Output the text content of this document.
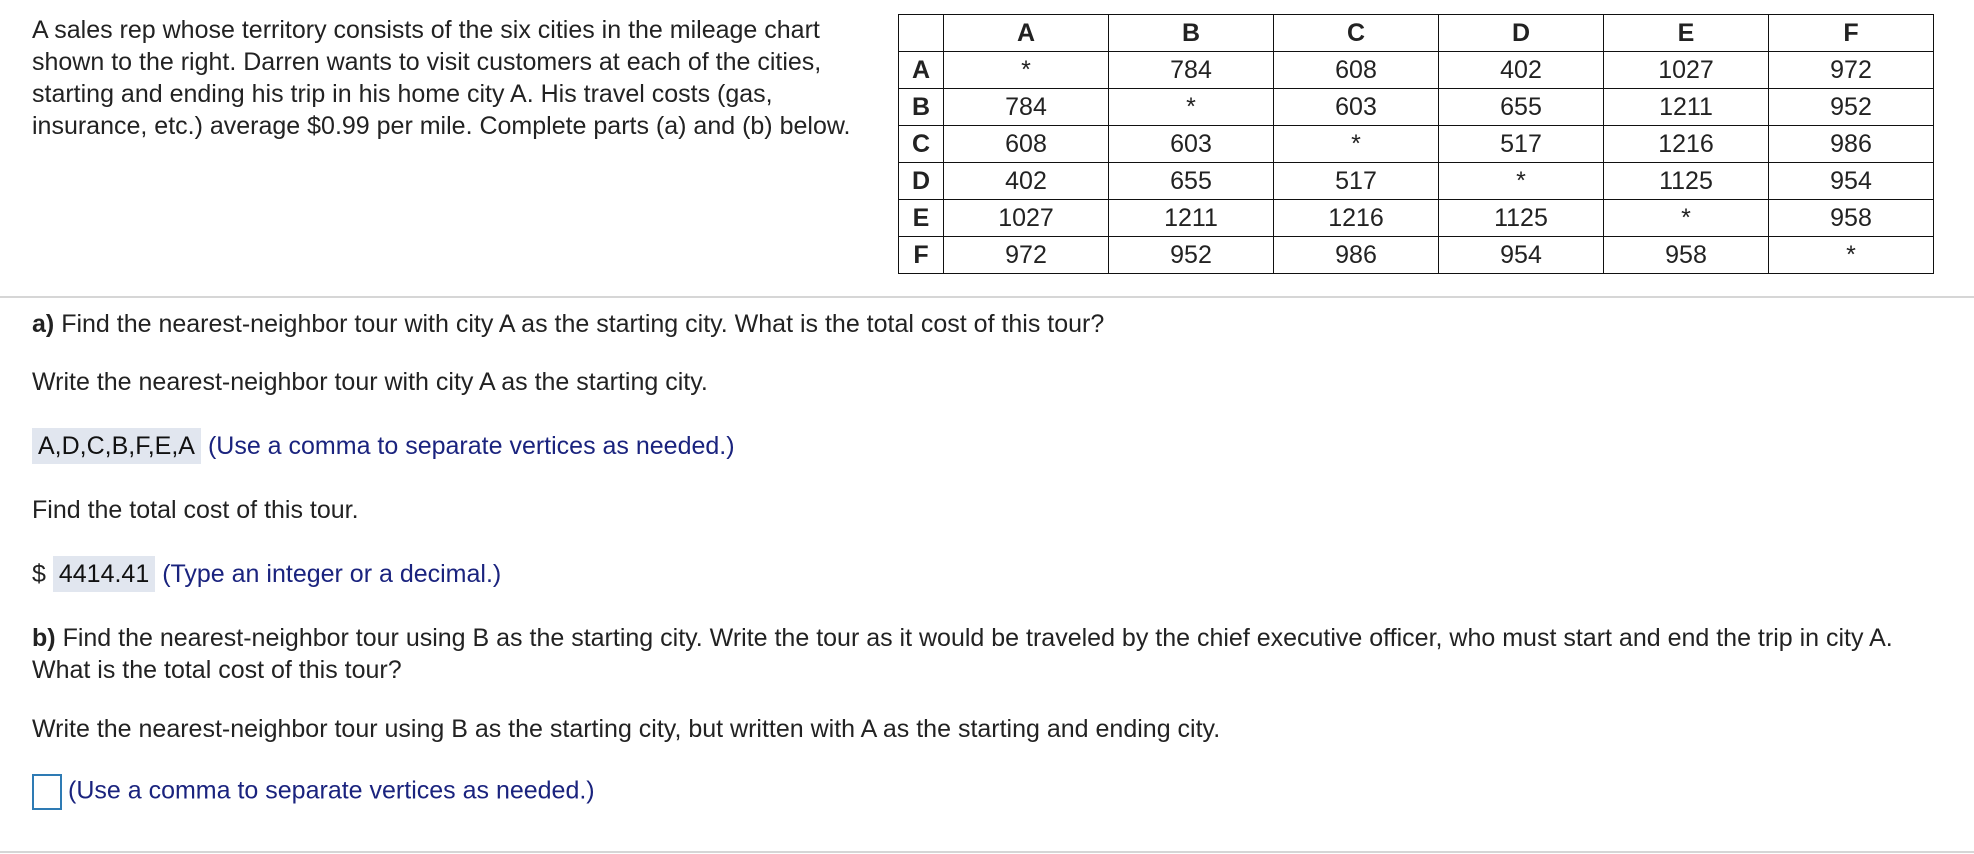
A sales rep whose territory consists of the six cities in the mileage chart shown to the right. Darren wants to visit customers at each of the cities, starting and ending his trip in his home city A. His travel costs (gas, insurance, etc.) average $0.99 per mile. Complete parts (a) and (b) below.
	A	B	C	D	E	F
A	*	784	608	402	1027	972
B	784	*	603	655	1211	952
C	608	603	*	517	1216	986
D	402	655	517	*	1125	954
E	1027	1211	1216	1125	*	958
F	972	952	986	954	958	*
a) Find the nearest-neighbor tour with city A as the starting city. What is the total cost of this tour?
Write the nearest-neighbor tour with city A as the starting city.
A,D,C,B,F,E,A (Use a comma to separate vertices as needed.)
Find the total cost of this tour.
$ 4414.41 (Type an integer or a decimal.)
b) Find the nearest-neighbor tour using B as the starting city. Write the tour as it would be traveled by the chief executive officer, who must start and end the trip in city A. What is the total cost of this tour?
Write the nearest-neighbor tour using B as the starting city, but written with A as the starting and ending city.
(Use a comma to separate vertices as needed.)
